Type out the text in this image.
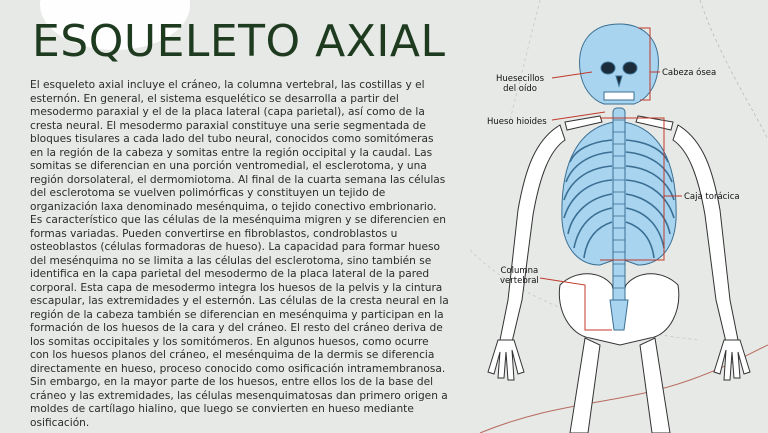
ESQUELETO AXIAL

El esqueleto axial incluye el cráneo, la columna vertebral, las costillas y el esternón. En general, el sistema esquelético se desarrolla a partir del mesodermo paraxial y el de la placa lateral (capa parietal), así como de la cresta neural. El mesodermo paraxial constituye una serie segmentada de bloques tisulares a cada lado del tubo neural, conocidos como somitómeras en la región de la cabeza y somitas entre la región occipital y la caudal. Las somitas se diferencian en una porción ventromedial, el esclerotoma, y una región dorsolateral, el dermomiotoma. Al final de la cuarta semana las células del esclerotoma se vuelven polimórficas y constituyen un tejido de organización laxa denominado mesénquima, o tejido conectivo embrionario. Es característico que las células de la mesénquima migren y se diferencien en formas variadas. Pueden convertirse en fibroblastos, condroblastos u osteoblastos (células formadoras de hueso). La capacidad para formar hueso del mesénquima no se limita a las células del esclerotoma, sino también se identifica en la capa parietal del mesodermo de la placa lateral de la pared corporal. Esta capa de mesodermo integra los huesos de la pelvis y la cintura escapular, las extremidades y el esternón. Las células de la cresta neural en la región de la cabeza también se diferencian en mesénquima y participan en la formación de los huesos de la cara y del cráneo. El resto del cráneo deriva de los somitas occipitales y los somitómeros. En algunos huesos, como ocurre con los huesos planos del cráneo, el mesénquima de la dermis se diferencia directamente en hueso, proceso conocido como osificación intramembranosa. Sin embargo, en la mayor parte de los huesos, entre ellos los de la base del cráneo y las extremidades, las células mesenquimatosas dan primero origen a moldes de cartílago hialino, que luego se convierten en hueso mediante osificación.

Huesecillos
del oído
Hueso hioides
Cabeza ósea
Caja torácica
Columna
vertebral
